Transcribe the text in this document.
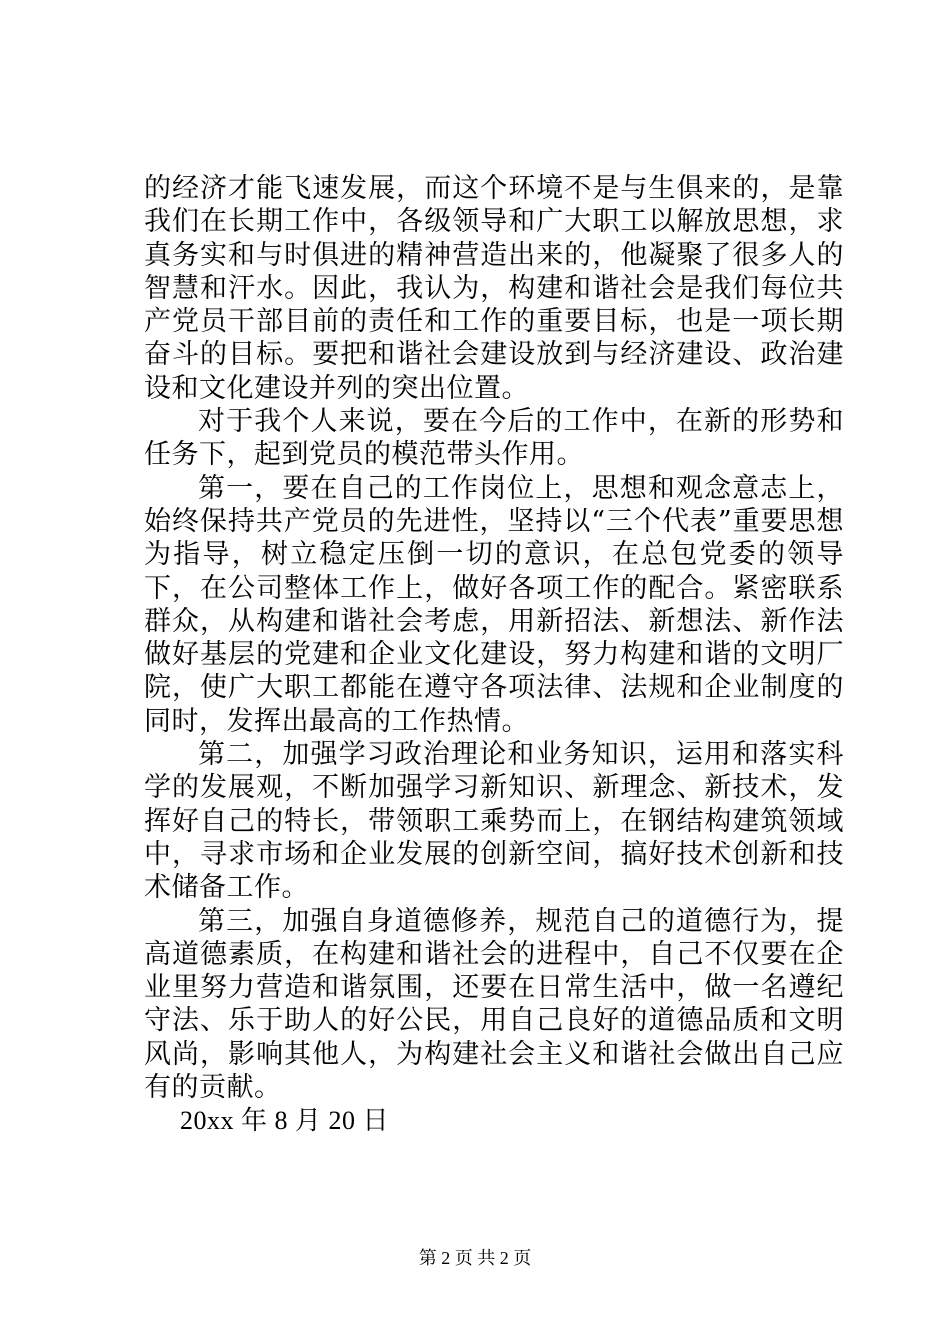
的经济才能飞速发展，而这个环境不是与生俱来的，是靠我们在长期工作中，各级领导和广大职工以解放思想，求真务实和与时俱进的精神营造出来的，他凝聚了很多人的智慧和汗水。因此，我认为，构建和谐社会是我们每位共产党员干部目前的责任和工作的重要目标，也是一项长期奋斗的目标。要把和谐社会建设放到与经济建设、政治建设和文化建设并列的突出位置。

对于我个人来说，要在今后的工作中，在新的形势和任务下，起到党员的模范带头作用。

第一，要在自己的工作岗位上，思想和观念意志上，始终保持共产党员的先进性，坚持以“三个代表”重要思想为指导，树立稳定压倒一切的意识，在总包党委的领导下，在公司整体工作上，做好各项工作的配合。紧密联系群众，从构建和谐社会考虑，用新招法、新想法、新作法做好基层的党建和企业文化建设，努力构建和谐的文明厂院，使广大职工都能在遵守各项法律、法规和企业制度的同时，发挥出最高的工作热情。

第二，加强学习政治理论和业务知识，运用和落实科学的发展观，不断加强学习新知识、新理念、新技术，发挥好自己的特长，带领职工乘势而上，在钢结构建筑领域中，寻求市场和企业发展的创新空间，搞好技术创新和技术储备工作。

第三，加强自身道德修养，规范自己的道德行为，提高道德素质，在构建和谐社会的进程中，自己不仅要在企业里努力营造和谐氛围，还要在日常生活中，做一名遵纪守法、乐于助人的好公民，用自己良好的道德品质和文明风尚，影响其他人，为构建社会主义和谐社会做出自己应有的贡献。

20xx 年 8 月 20 日

第 2 页 共 2 页
